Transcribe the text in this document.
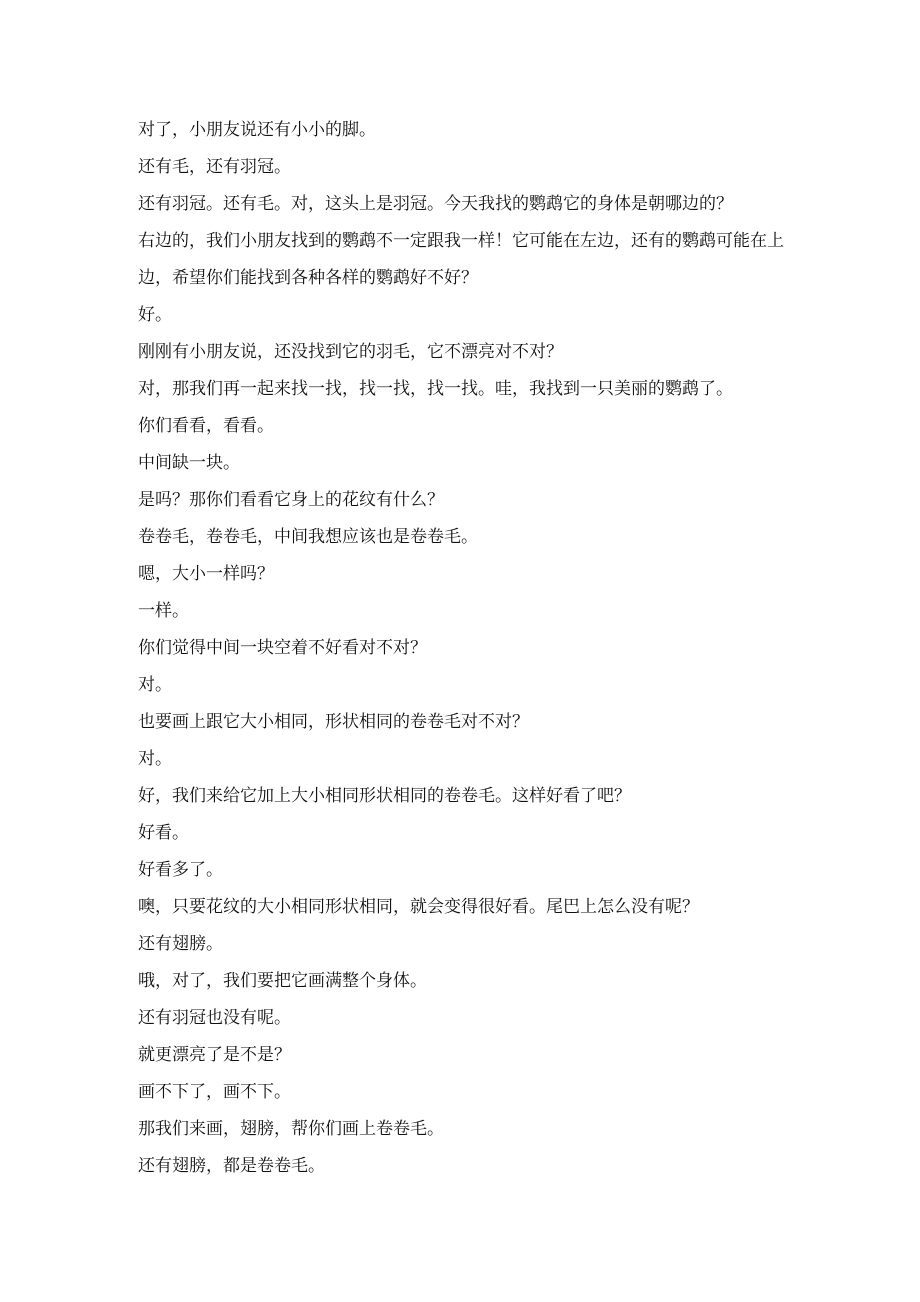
对了，小朋友说还有小小的脚。

还有毛，还有羽冠。

还有羽冠。还有毛。对，这头上是羽冠。今天我找的鹦鹉它的身体是朝哪边的？

右边的，我们小朋友找到的鹦鹉不一定跟我一样！它可能在左边，还有的鹦鹉可能在上边，希望你们能找到各种各样的鹦鹉好不好？

好。

刚刚有小朋友说，还没找到它的羽毛，它不漂亮对不对？

对，那我们再一起来找一找，找一找，找一找。哇，我找到一只美丽的鹦鹉了。

你们看看，看看。

中间缺一块。

是吗？那你们看看它身上的花纹有什么？

卷卷毛，卷卷毛，中间我想应该也是卷卷毛。

嗯，大小一样吗？

一样。

你们觉得中间一块空着不好看对不对？

对。

也要画上跟它大小相同，形状相同的卷卷毛对不对？

对。

好，我们来给它加上大小相同形状相同的卷卷毛。这样好看了吧？

好看。

好看多了。

噢，只要花纹的大小相同形状相同，就会变得很好看。尾巴上怎么没有呢？

还有翅膀。

哦，对了，我们要把它画满整个身体。

还有羽冠也没有呢。

就更漂亮了是不是？

画不下了，画不下。

那我们来画，翅膀，帮你们画上卷卷毛。

还有翅膀，都是卷卷毛。
